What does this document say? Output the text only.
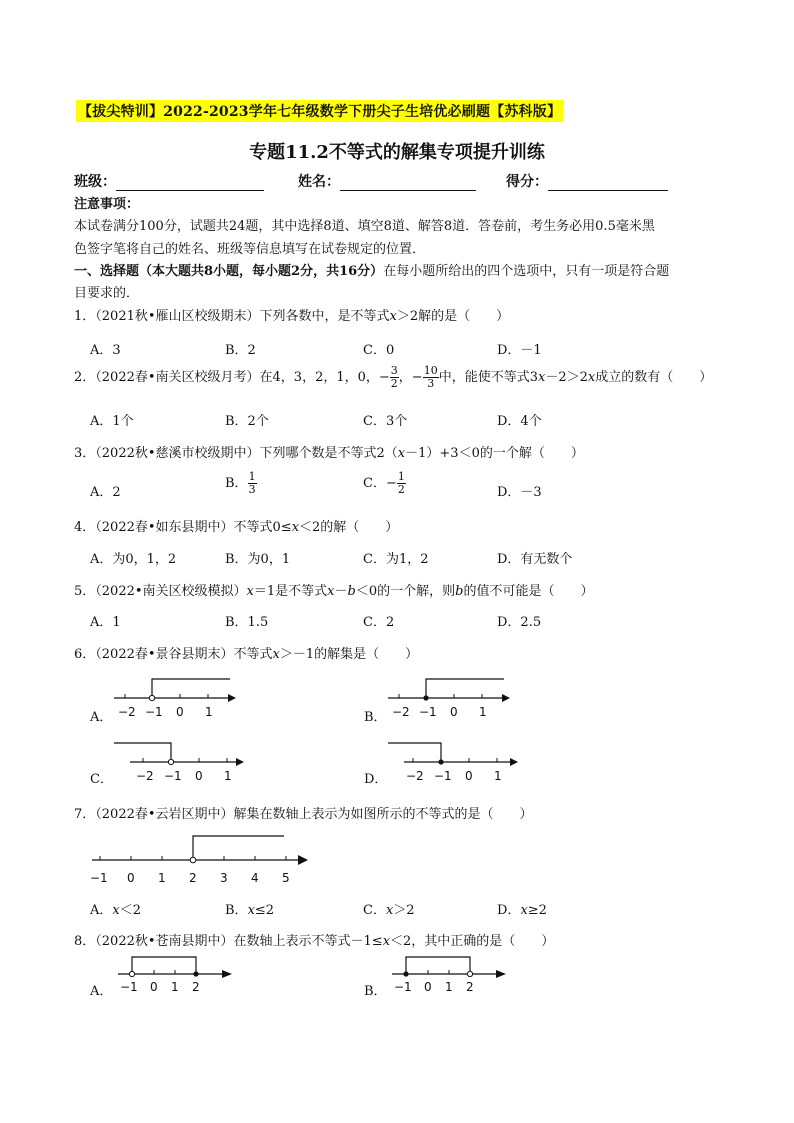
【拔尖特训】2022-2023学年七年级数学下册尖子生培优必刷题【苏科版】
专题11.2不等式的解集专项提升训练
班级：	姓名：	得分：
注意事项：
本试卷满分100分，试题共24题，其中选择8道、填空8道、解答8道．答卷前，考生务必用0.5毫米黑
色签字笔将自己的姓名、班级等信息填写在试卷规定的位置．
一、选择题（本大题共8小题，每小题2分，共16分）在每小题所给出的四个选项中，只有一项是符合题
目要求的．
1．（2021秋•雁山区校级期末）下列各数中，是不等式x＞2解的是（　　）
A．3	B．2	C．0	D．－1
2．（2022春•南关区校级月考）在4，3，2，1，0，− $\frac{3}{2}$ ，− $\frac{10}{3}$ 中，能使不等式3x－2＞2x成立的数有（　　）
A．1个	B．2个	C．3个	D．4个
3．（2022秋•慈溪市校级期中）下列哪个数是不等式2（x－1）+3＜0的一个解（　　）
A．2
B． $\frac{1}{3}$	C．− $\frac{1}{2}$	D．－3
4．（2022春•如东县期中）不等式0≤x＜2的解（　　）
A．为0，1，2	B．为0，1	C．为1，2	D．有无数个
5．（2022•南关区校级模拟）x＝1是不等式x－b＜0的一个解，则b的值不可能是（　　）
A．1	B．1.5	C．2	D．2.5
6．（2022春•景谷县期末）不等式x＞－1的解集是（　　）
A． −2 −1 0 1	B． −2 −1 0 1
C． −2 −1 0 1	D． −2 −1 0 1
7．（2022春•云岩区期中）解集在数轴上表示为如图所示的不等式的是（　　）
−1 0 1 2 3 4 5
A．x＜2	B．x≤2	C．x＞2	D．x≥2
8．（2022秋•苍南县期中）在数轴上表示不等式－1≤x＜2，其中正确的是（　　）
A． −1 0 1 2	B． −1 0 1 2
